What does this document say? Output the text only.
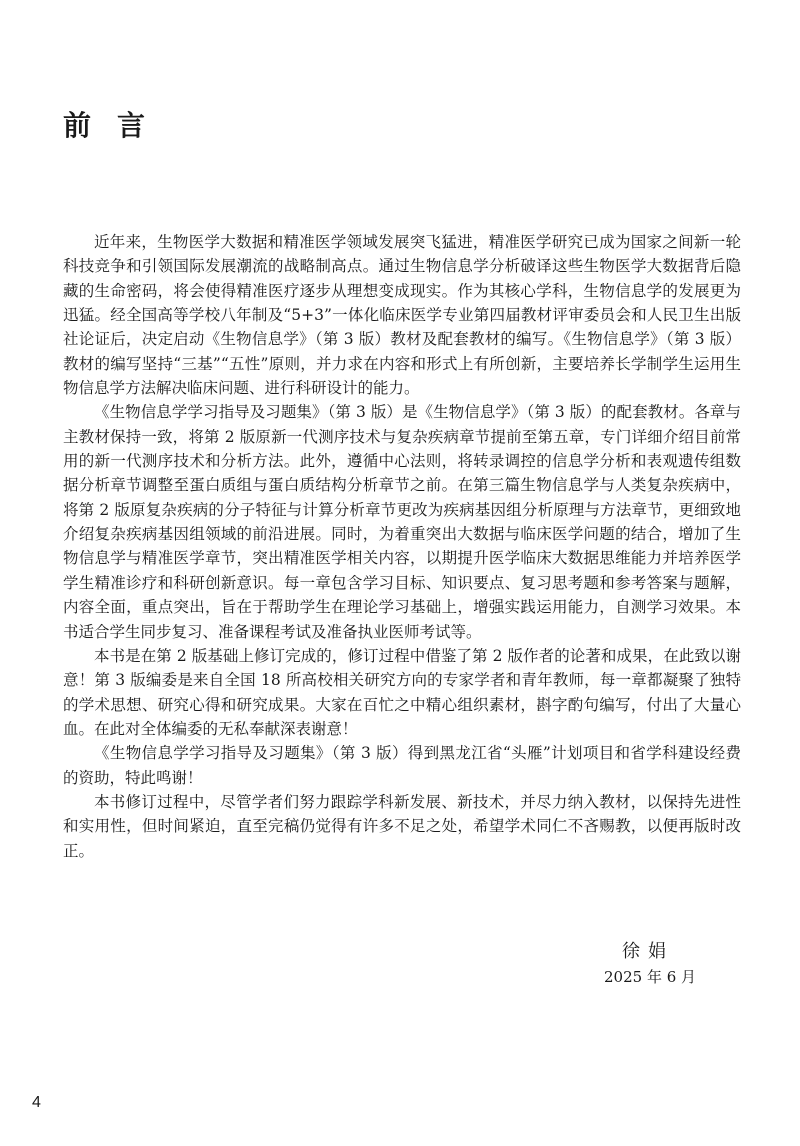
前言

近年来，生物医学大数据和精准医学领域发展突飞猛进，精准医学研究已成为国家之间新一轮科技竞争和引领国际发展潮流的战略制高点。通过生物信息学分析破译这些生物医学大数据背后隐藏的生命密码，将会使得精准医疗逐步从理想变成现实。作为其核心学科，生物信息学的发展更为迅猛。经全国高等学校八年制及“5+3”一体化临床医学专业第四届教材评审委员会和人民卫生出版社论证后，决定启动《生物信息学》（第 3 版）教材及配套教材的编写。《生物信息学》（第 3 版）教材的编写坚持“三基”“五性”原则，并力求在内容和形式上有所创新，主要培养长学制学生运用生物信息学方法解决临床问题、进行科研设计的能力。

《生物信息学学习指导及习题集》（第 3 版）是《生物信息学》（第 3 版）的配套教材。各章与主教材保持一致，将第 2 版原新一代测序技术与复杂疾病章节提前至第五章，专门详细介绍目前常用的新一代测序技术和分析方法。此外，遵循中心法则，将转录调控的信息学分析和表观遗传组数据分析章节调整至蛋白质组与蛋白质结构分析章节之前。在第三篇生物信息学与人类复杂疾病中，将第 2 版原复杂疾病的分子特征与计算分析章节更改为疾病基因组分析原理与方法章节，更细致地介绍复杂疾病基因组领域的前沿进展。同时，为着重突出大数据与临床医学问题的结合，增加了生物信息学与精准医学章节，突出精准医学相关内容，以期提升医学临床大数据思维能力并培养医学学生精准诊疗和科研创新意识。每一章包含学习目标、知识要点、复习思考题和参考答案与题解，内容全面，重点突出，旨在于帮助学生在理论学习基础上，增强实践运用能力，自测学习效果。本书适合学生同步复习、准备课程考试及准备执业医师考试等。

本书是在第 2 版基础上修订完成的，修订过程中借鉴了第 2 版作者的论著和成果，在此致以谢意！第 3 版编委是来自全国 18 所高校相关研究方向的专家学者和青年教师，每一章都凝聚了独特的学术思想、研究心得和研究成果。大家在百忙之中精心组织素材，斟字酌句编写，付出了大量心血。在此对全体编委的无私奉献深表谢意！

《生物信息学学习指导及习题集》（第 3 版）得到黑龙江省“头雁”计划项目和省学科建设经费的资助，特此鸣谢！

本书修订过程中，尽管学者们努力跟踪学科新发展、新技术，并尽力纳入教材，以保持先进性和实用性，但时间紧迫，直至完稿仍觉得有许多不足之处，希望学术同仁不吝赐教，以便再版时改正。

徐娟
2025 年 6 月
4
